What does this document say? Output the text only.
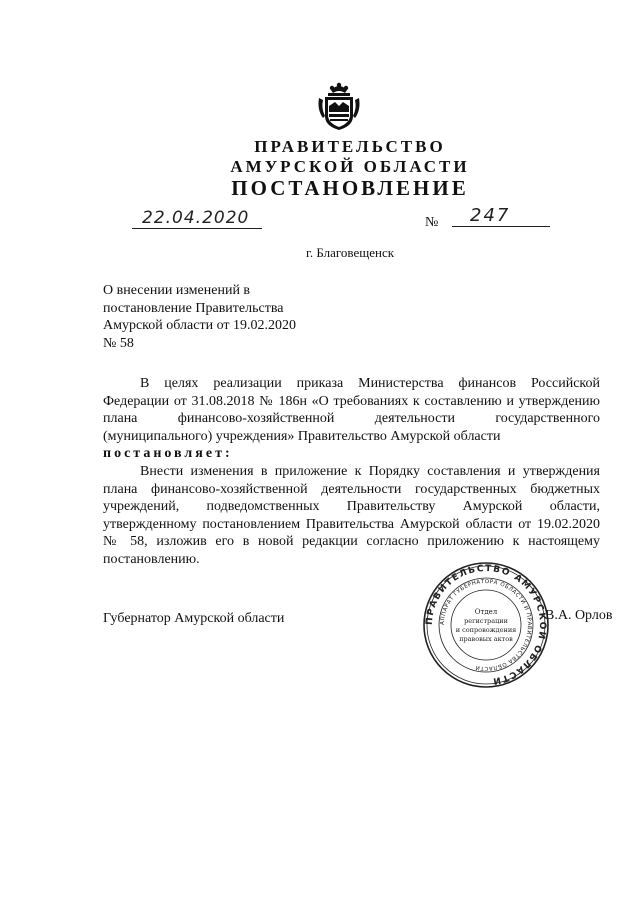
ПРАВИТЕЛЬСТВО
АМУРСКОЙ ОБЛАСТИ
ПОСТАНОВЛЕНИЕ
22.04.2020	№	247
г. Благовещенск
О внесении изменений в
постановление Правительства
Амурской области от 19.02.2020
№ 58
В целях реализации приказа Министерства финансов Российской Федерации от 31.08.2018 № 186н «О требованиях к составлению и утверждению плана финансово-хозяйственной деятельности государственного (муниципального) учреждения» Правительство Амурской области
постановляет:
Внести изменения в приложение к Порядку составления и утверждения плана финансово-хозяйственной деятельности государственных бюджетных учреждений, подведомственных Правительству Амурской области, утвержденному постановлением Правительства Амурской области от 19.02.2020 № 58, изложив его в новой редакции согласно приложению к настоящему постановлению.
Губернатор Амурской области	ПРАВИТЕЛЬСТВО АМУРСКОЙ ОБЛАСТИ
АППАРАТ ГУБЕРНАТОРА ОБЛАСТИ И ПРАВИТЕЛЬСТВА ОБЛАСТИ
Отдел
регистрации
и сопровождения
правовых актов
В.А. Орлов
